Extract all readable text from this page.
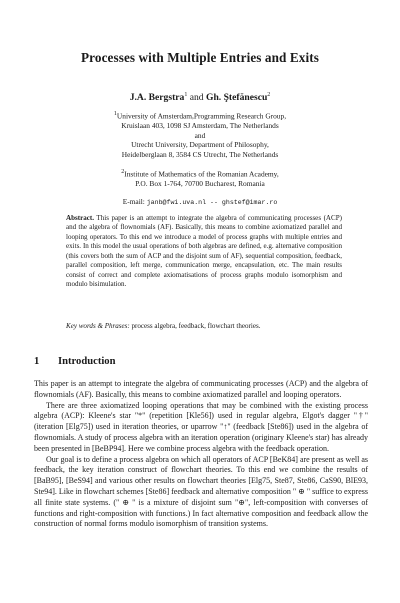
Processes with Multiple Entries and Exits
J.A. Bergstra$^1$ and Gh. Ştefănescu$^2$
$^1$University of Amsterdam,Programming Research Group,
Kruislaan 403, 1098 SJ Amsterdam, The Netherlands
and
Utrecht University, Department of Philosophy,
Heidelberglaan 8, 3584 CS Utrecht, The Netherlands
$^2$Institute of Mathematics of the Romanian Academy,
P.O. Box 1-764, 70700 Bucharest, Romania
E-mail: janb@fwi.uva.nl -- ghstef@imar.ro
Abstract. This paper is an attempt to integrate the algebra of communicating processes (ACP) and the algebra of flownomials (AF). Basically, this means to combine axiomatized parallel and looping operators. To this end we introduce a model of process graphs with multiple entries and exits. In this model the usual operations of both algebras are defined, e.g. alternative composition (this covers both the sum of ACP and the disjoint sum of AF), sequential composition, feedback, parallel composition, left merge, communication merge, encapsulation, etc. The main results consist of correct and complete axiomatisations of process graphs modulo isomorphism and modulo bisimulation.
Key words & Phrases: process algebra, feedback, flowchart theories.
1 Introduction

This paper is an attempt to integrate the algebra of communicating processes (ACP) and the algebra of flownomials (AF). Basically, this means to combine axiomatized parallel and looping operators.

There are three axiomatized looping operations that may be combined with the existing process algebra (ACP): Kleene's star "*" (repetition [Kle56]) used in regular algebra, Elgot's dagger "†" (iteration [Elg75]) used in iteration theories, or uparrow "↑" (feedback [Ste86]) used in the algebra of flownomials. A study of process algebra with an iteration operation (originary Kleene's star) has already been presented in [BeBP94]. Here we combine process algebra with the feedback operation.

Our goal is to define a process algebra on which all operators of ACP [BeK84] are present as well as feedback, the key iteration construct of flowchart theories. To this end we combine the results of [BaB95], [BeS94] and various other results on flowchart theories [Elg75, Ste87, Ste86, CaS90, BlE93, Ste94]. Like in flowchart schemes [Ste86] feedback and alternative composition " ⊕ " suffice to express all finite state systems. (" ⊕ " is a mixture of disjoint sum "⊕", left-composition with converses of functions and right-composition with functions.) In fact alternative composition and feedback allow the construction of normal forms modulo isomorphism of transition systems.
